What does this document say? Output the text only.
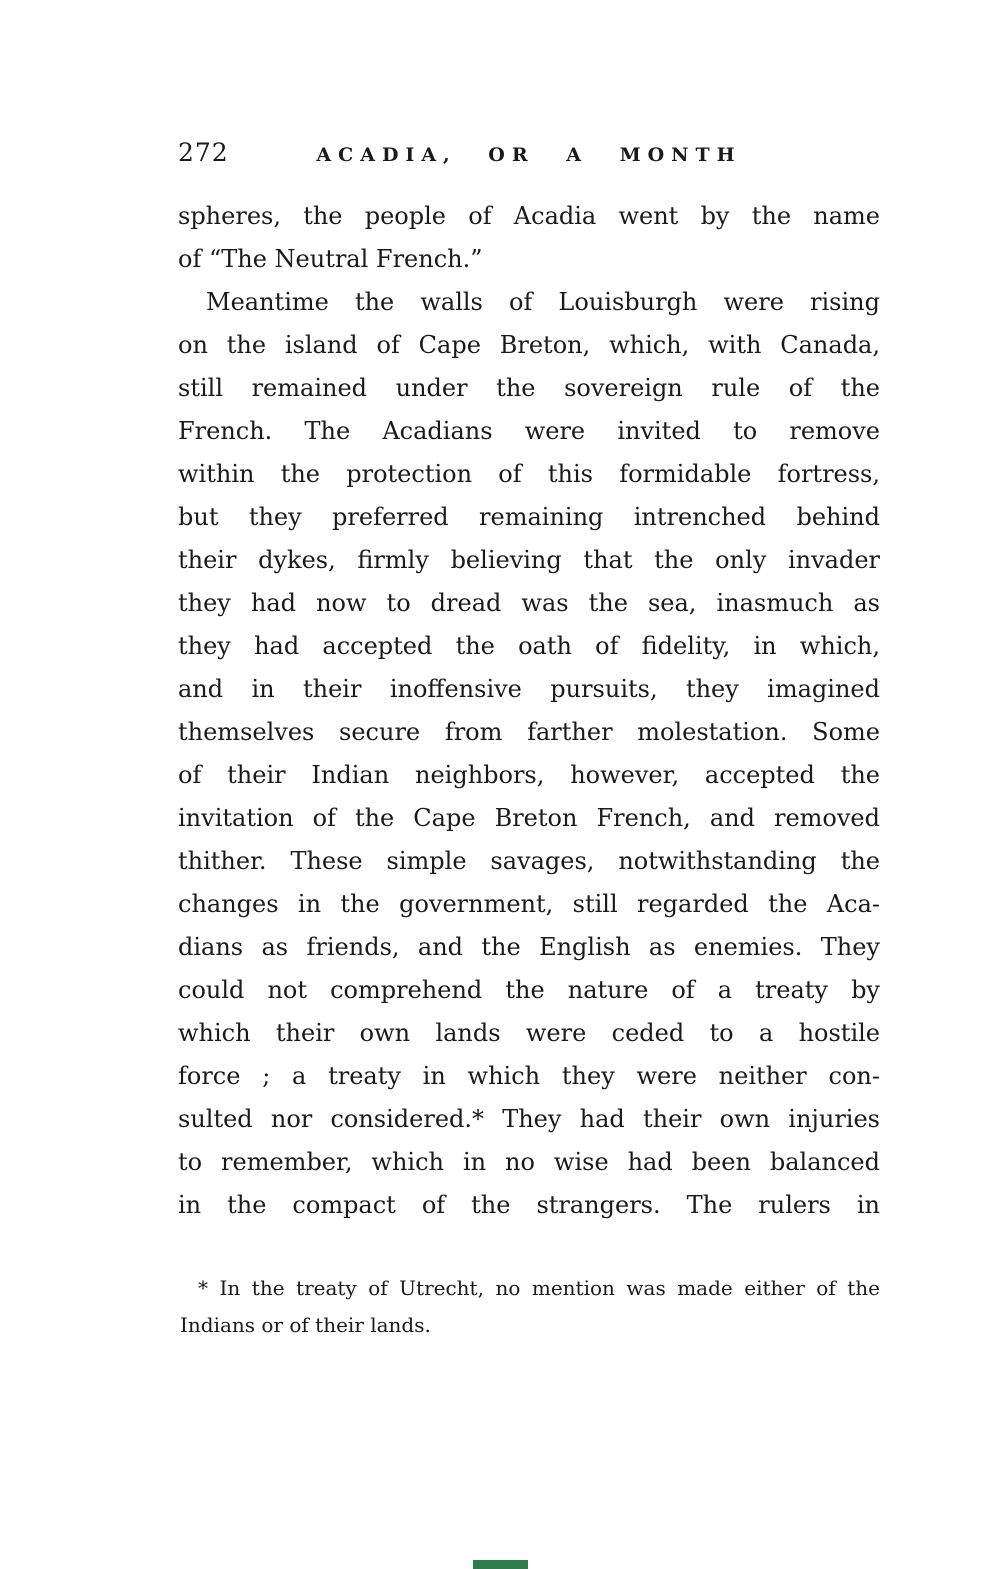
272	ACADIA, OR A MONTH
spheres, the people of Acadia went by the name
of “The Neutral French.”
Meantime the walls of Louisburgh were rising
on the island of Cape Breton, which, with Canada,
still remained under the sovereign rule of the
French. The Acadians were invited to remove
within the protection of this formidable fortress,
but they preferred remaining intrenched behind
their dykes, firmly believing that the only invader
they had now to dread was the sea, inasmuch as
they had accepted the oath of fidelity, in which,
and in their inoffensive pursuits, they imagined
themselves secure from farther molestation. Some
of their Indian neighbors, however, accepted the
invitation of the Cape Breton French, and removed
thither. These simple savages, notwithstanding the
changes in the government, still regarded the Aca-
dians as friends, and the English as enemies. They
could not comprehend the nature of a treaty by
which their own lands were ceded to a hostile
force ; a treaty in which they were neither con-
sulted nor considered.* They had their own injuries
to remember, which in no wise had been balanced
in the compact of the strangers. The rulers in
* In the treaty of Utrecht, no mention was made either of the
Indians or of their lands.
